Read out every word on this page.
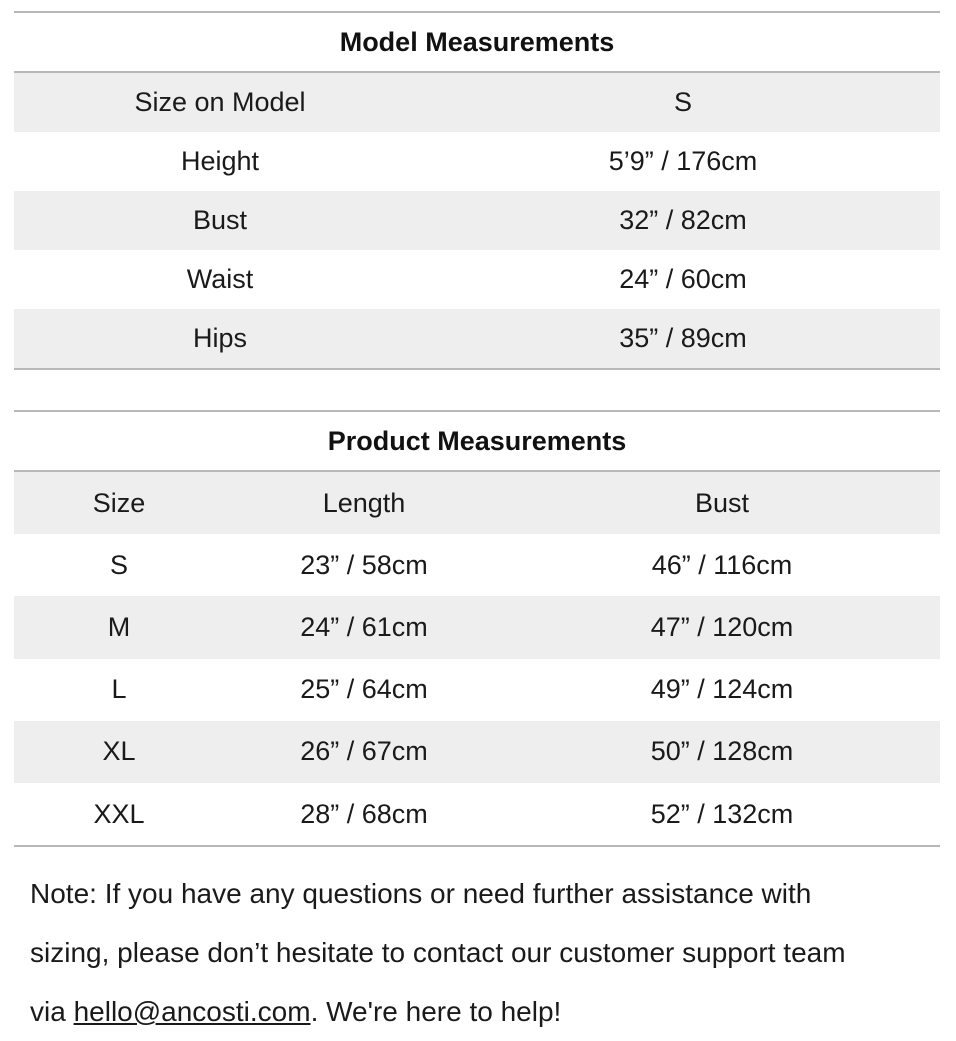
Model Measurements
Size on Model	S
Height	5’9” / 176cm
Bust	32” / 82cm
Waist	24” / 60cm
Hips	35” / 89cm
Product Measurements
Size	Length	Bust
S	23” / 58cm	46” / 116cm
M	24” / 61cm	47” / 120cm
L	25” / 64cm	49” / 124cm
XL	26” / 67cm	50” / 128cm
XXL	28” / 68cm	52” / 132cm
Note: If you have any questions or need further assistance with
sizing, please don’t hesitate to contact our customer support team
via hello@ancosti.com. We're here to help!
